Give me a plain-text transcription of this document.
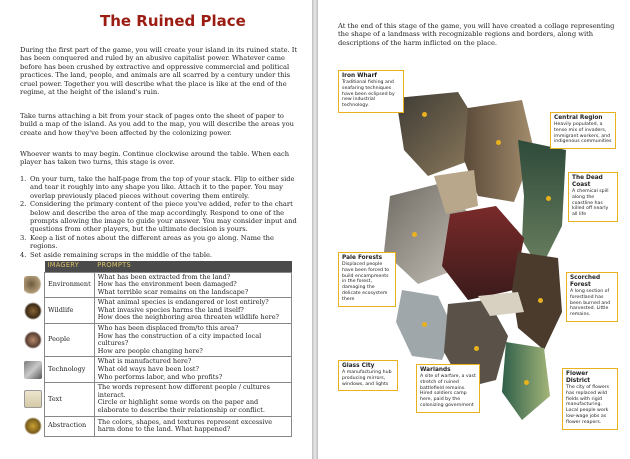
The Ruined Place

During the first part of the game, you will create your island in its ruined state. It has been conquered and ruled by an abusive capitalist power. Whatever came before has been crushed by extractive and oppressive commercial and political practices. The land, people, and animals are all scarred by a century under this cruel power. Together you will describe what the place is like at the end of the regime, at the height of the island's ruin.

Take turns attaching a bit from your stack of pages onto the sheet of paper to build a map of the island. As you add to the map, you will describe the areas you create and how they've been affected by the colonizing power.

Whoever wants to may begin. Continue clockwise around the table. When each player has taken two turns, this stage is over.

1. On your turn, take the half-page from the top of your stack. Flip to either side and tear it roughly into any shape you like. Attach it to the paper. You may overlap previously placed pieces without covering them entirely.
2. Considering the primary content of the piece you've added, refer to the chart below and describe the area of the map accordingly. Respond to one of the prompts allowing the image to guide your answer. You may consider input and questions from other players, but the ultimate decision is yours.
3. Keep a list of notes about the different areas as you go along. Name the regions.
4. Set aside remaining scraps in the middle of the table.
	IMAGERY	PROMPTS

	Environment	What has been extracted from the land?
How has the environment been damaged?
What terrible scar remains on the landscape?

	Wildlife	What animal species is endangered or lost entirely?
What invasive species harms the land itself?
How does the neighboring area threaten wildlife here?

	People	Who has been displaced from/to this area?
How has the construction of a city impacted local cultures?
How are people changing here?

	Technology	What is manufactured here?
What old ways have been lost?
Who performs labor, and who profits?

	Text	The words represent how different people / cultures interact.
Circle or highlight some words on the paper and elaborate to describe their relationship or conflict.

	Abstraction	The colors, shapes, and textures represent excessive harm done to the land. What happened?

At the end of this stage of the game, you will have created a collage representing the shape of a landmass with recognizable regions and borders, along with descriptions of the harm inflicted on the place.

Iron Wharf
Traditional fishing and seafaring techniques have been eclipsed by new industrial technology.
Central Region
Heavily populated, a tense mix of invaders, immigrant workers, and indigenous communities
The Dead Coast
A chemical spill along the coastline has killed off nearly all life
Pale Forests
Displaced people have been forced to build encampments in the forest, damaging the delicate ecosystem there
Scorched Forest
A long section of forestland has been burned and harvested. Little remains.
Glass City
A manufacturing hub producing mirrors, windows, and lights
Warlands
A site of warfare, a vast stretch of ruined battlefield remains. Hired soldiers camp here, paid by the colonizing government
Flower District
The city of flowers has replaced wild fields with rigid manufacturing. Local people work low-wage jobs as flower reapers.
